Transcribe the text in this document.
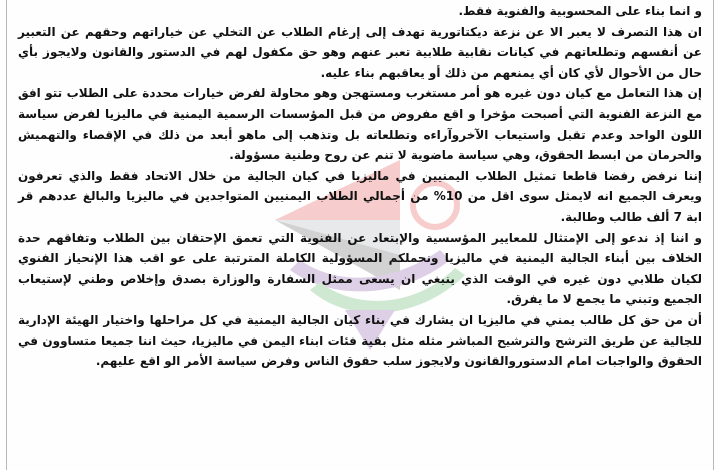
و انما بناء على المحسوبية والفنوية فقط.

ان هذا التصرف لا يعبر الا عن نزعة ديكتاتورية تهدف إلى إرغام الطلاب عن التخلي عن خياراتهم وحقهم عن التعبير عن أنفسهم وتطلعاتهم في كيانات نقابية طلابية تعبر عنهم وهو حق مكفول لهم في الدستور والقانون ولايجوز بأي حال من الأحوال لأي كان أي يمنعهم من ذلك أو يعاقبهم بناء عليه.

إن هذا التعامل مع كيان دون غيره هو أمر مستغرب ومستهجن وهو محاولة لفرض خيارات محددة على الطلاب تتو افق مع النزعة الفنوية التي أصبحت مؤخرا و اقع مفروض من قبل المؤسسات الرسمية اليمنية في ماليزيا لفرض سياسة اللون الواحد وعدم تقبل واستيعاب الآخروآراءه وتطلعاته بل وتذهب إلى ماهو أبعد من ذلك في الإقصاء والتهميش والحرمان من ابسط الحقوق، وهي سياسة ماضوية لا تنم عن روح وطنية مسؤولة.

إننا نرفض رفضا قاطعا تمثيل الطلاب اليمنيين في ماليزيا في كيان الجالية من خلال الاتحاد فقط والذي تعرفون ويعرف الجميع انه لايمثل سوى اقل من 10% من أجمالي الطلاب اليمنيين المتواجدين في ماليزيا والبالغ عددهم قر ابة 7 ألف طالب وطالبة.

و اننا إذ ندعو إلى الإمتثال للمعايير المؤسسية والإبتعاد عن الفنوية التي تعمق الإحتقان بين الطلاب وتفاقهم حدة الخلاف بين أبناء الجالية اليمنية في ماليزيا ونحملكم المسؤولية الكاملة المترتبة على عو اقب هذا الإنحياز الفنوي لكيان طلابي دون غيره في الوقت الذي ينبغي ان يسعى ممثل السفارة والوزارة بصدق وإخلاص وطني لإستيعاب الجميع وتبني ما يجمع لا ما يفرق.

أن من حق كل طالب يمني في ماليزيا ان يشارك في بناء كيان الجالية اليمنية في كل مراحلها واختيار الهيئة الإدارية للجالية عن طريق الترشح والترشيح المباشر مثله مثل بقية فئات ابناء اليمن في ماليزيا، حيث اننا جميعا متساوون في الحقوق والواجبات امام الدستوروالقانون ولايجوز سلب حقوق الناس وفرض سياسة الأمر الو اقع عليهم.
